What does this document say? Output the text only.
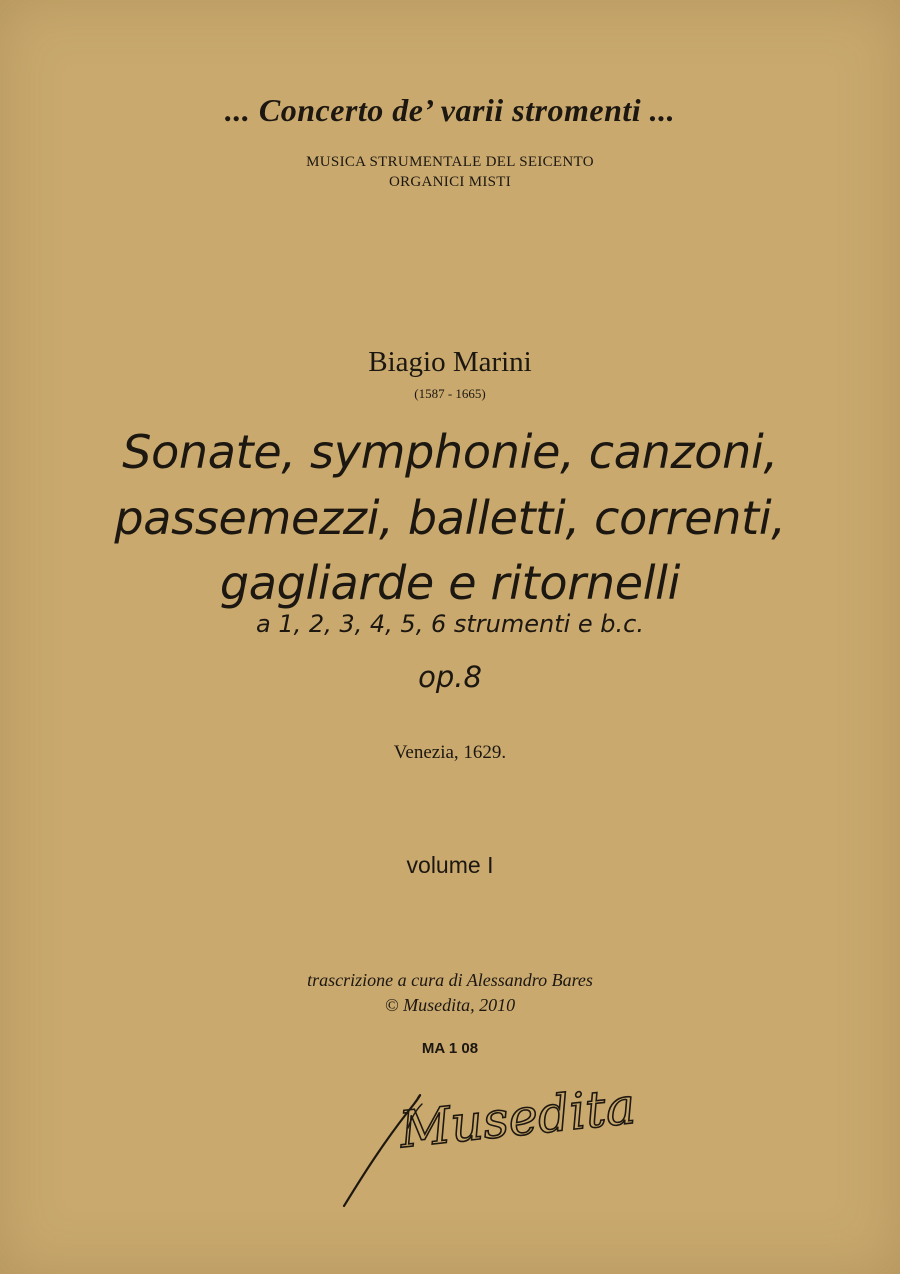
... Concerto de’ varii stromenti ...
MUSICA STRUMENTALE DEL SEICENTO
ORGANICI MISTI
Biagio Marini
(1587 - 1665)
Sonate, symphonie, canzoni,
passemezzi, balletti, correnti,
gagliarde e ritornelli
a 1, 2, 3, 4, 5, 6 strumenti e b.c.
op.8
Venezia, 1629.
volume I
trascrizione a cura di Alessandro Bares
© Musedita, 2010
MA 1 08
Musedita
